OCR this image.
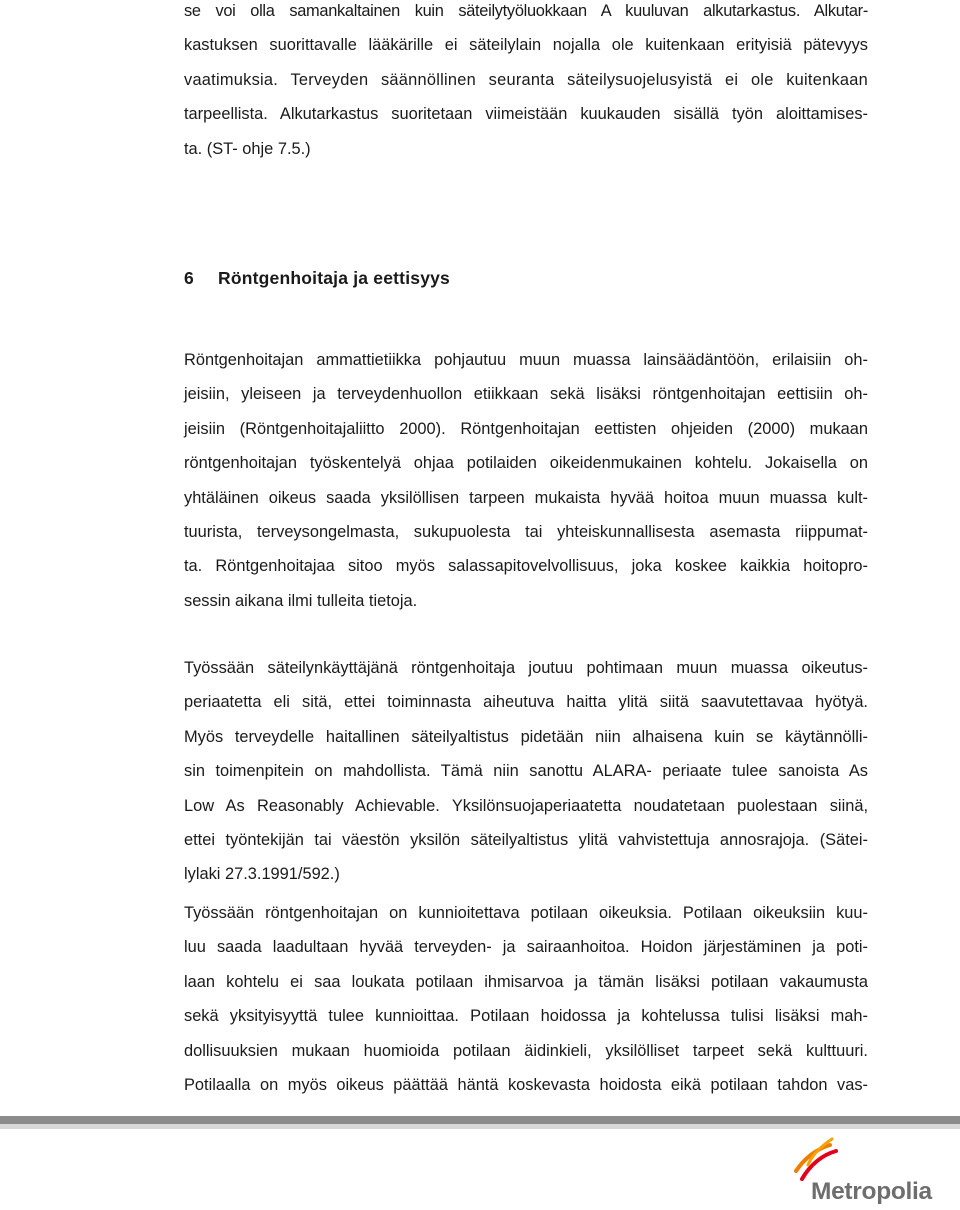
se voi olla samankaltainen kuin säteilytyöluokkaan A kuuluvan alkutarkastus. Alkutar-
kastuksen suorittavalle lääkärille ei säteilylain nojalla ole kuitenkaan erityisiä pätevyys
vaatimuksia. Terveyden säännöllinen seuranta säteilysuojelusyistä ei ole kuitenkaan
tarpeellista. Alkutarkastus suoritetaan viimeistään kuukauden sisällä työn aloittamises-
ta. (ST- ohje 7.5.)
6 Röntgenhoitaja ja eettisyys
Röntgenhoitajan ammattietiikka pohjautuu muun muassa lainsäädäntöön, erilaisiin oh-
jeisiin, yleiseen ja terveydenhuollon etiikkaan sekä lisäksi röntgenhoitajan eettisiin oh-
jeisiin (Röntgenhoitajaliitto 2000). Röntgenhoitajan eettisten ohjeiden (2000) mukaan
röntgenhoitajan työskentelyä ohjaa potilaiden oikeidenmukainen kohtelu. Jokaisella on
yhtäläinen oikeus saada yksilöllisen tarpeen mukaista hyvää hoitoa muun muassa kult-
tuurista, terveysongelmasta, sukupuolesta tai yhteiskunnallisesta asemasta riippumat-
ta. Röntgenhoitajaa sitoo myös salassapitovelvollisuus, joka koskee kaikkia hoitopro-
sessin aikana ilmi tulleita tietoja.
Työssään säteilynkäyttäjänä röntgenhoitaja joutuu pohtimaan muun muassa oikeutus-
periaatetta eli sitä, ettei toiminnasta aiheutuva haitta ylitä siitä saavutettavaa hyötyä.
Myös terveydelle haitallinen säteilyaltistus pidetään niin alhaisena kuin se käytännölli-
sin toimenpitein on mahdollista. Tämä niin sanottu ALARA- periaate tulee sanoista As
Low As Reasonably Achievable. Yksilönsuojaperiaatetta noudatetaan puolestaan siinä,
ettei työntekijän tai väestön yksilön säteilyaltistus ylitä vahvistettuja annosrajoja. (Sätei-
lylaki 27.3.1991/592.)
Työssään röntgenhoitajan on kunnioitettava potilaan oikeuksia. Potilaan oikeuksiin kuu-
luu saada laadultaan hyvää terveyden- ja sairaanhoitoa. Hoidon järjestäminen ja poti-
laan kohtelu ei saa loukata potilaan ihmisarvoa ja tämän lisäksi potilaan vakaumusta
sekä yksityisyyttä tulee kunnioittaa. Potilaan hoidossa ja kohtelussa tulisi lisäksi mah-
dollisuuksien mukaan huomioida potilaan äidinkieli, yksilölliset tarpeet sekä kulttuuri.
Potilaalla on myös oikeus päättää häntä koskevasta hoidosta eikä potilaan tahdon vas-
Metropolia
